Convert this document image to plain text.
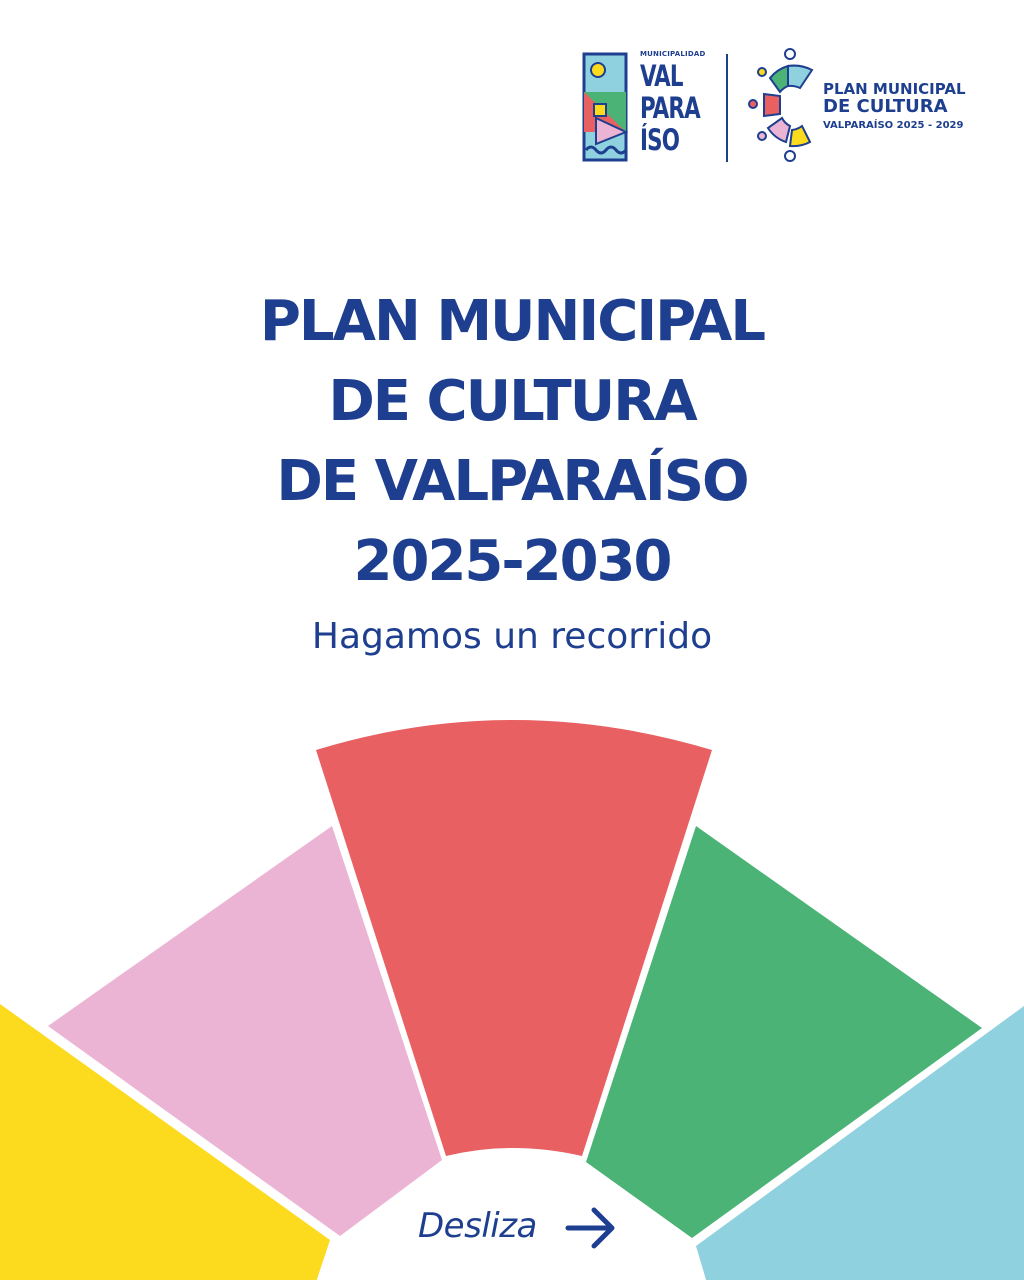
MUNICIPALIDAD
VAL
PARA
ÍSO
PLAN MUNICIPAL
DE CULTURA
VALPARAÍSO 2025 - 2029
PLAN MUNICIPAL
DE CULTURA
DE VALPARAÍSO
2025-2030
Hagamos un recorrido
Desliza
